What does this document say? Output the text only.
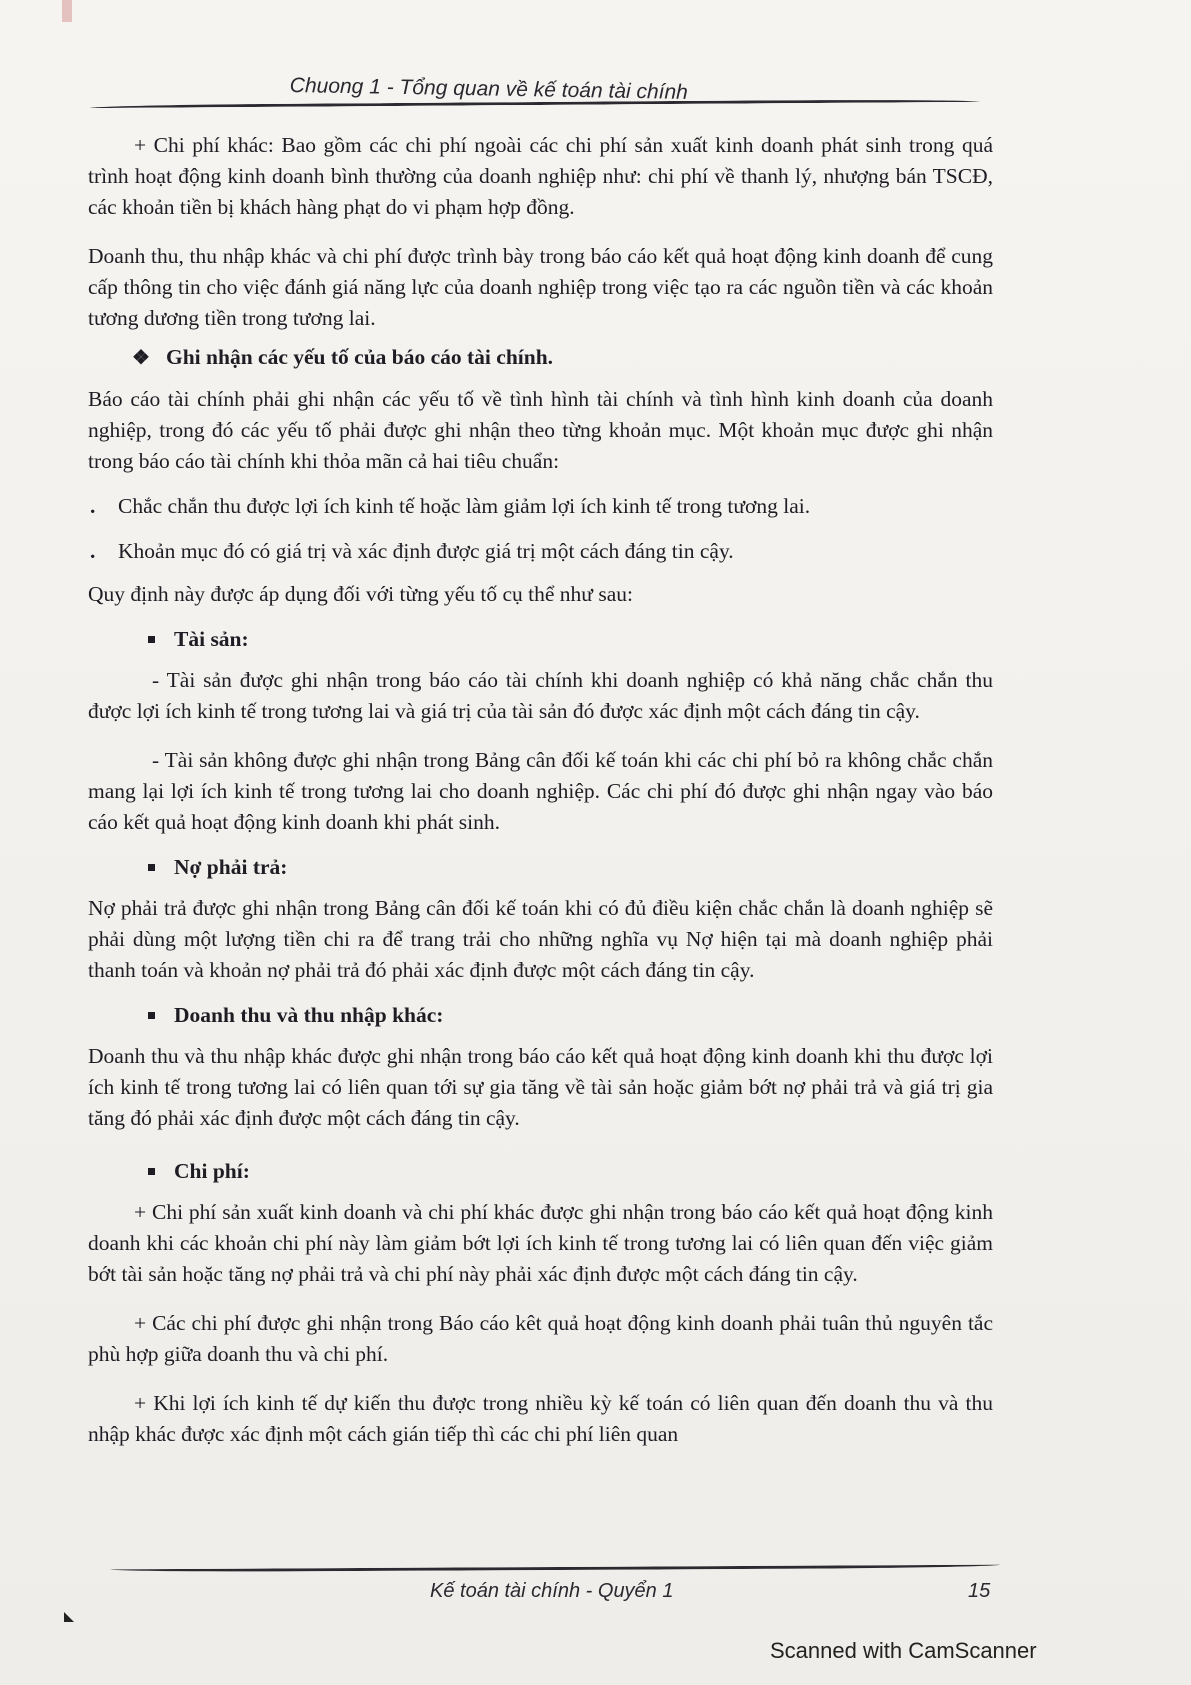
Chuong 1 - Tổng quan về kế toán tài chính

+ Chi phí khác: Bao gồm các chi phí ngoài các chi phí sản xuất kinh doanh phát sinh trong quá trình hoạt động kinh doanh bình thường của doanh nghiệp như: chi phí về thanh lý, nhượng bán TSCĐ, các khoản tiền bị khách hàng phạt do vi phạm hợp đồng.

Doanh thu, thu nhập khác và chi phí được trình bày trong báo cáo kết quả hoạt động kinh doanh để cung cấp thông tin cho việc đánh giá năng lực của doanh nghiệp trong việc tạo ra các nguồn tiền và các khoản tương dương tiền trong tương lai.

❖ Ghi nhận các yếu tố của báo cáo tài chính.

Báo cáo tài chính phải ghi nhận các yếu tố về tình hình tài chính và tình hình kinh doanh của doanh nghiệp, trong đó các yếu tố phải được ghi nhận theo từng khoản mục. Một khoản mục được ghi nhận trong báo cáo tài chính khi thỏa mãn cả hai tiêu chuẩn:

. Chắc chắn thu được lợi ích kinh tế hoặc làm giảm lợi ích kinh tế trong tương lai.

. Khoản mục đó có giá trị và xác định được giá trị một cách đáng tin cậy.

Quy định này được áp dụng đối với từng yếu tố cụ thể như sau:

Tài sản:

- Tài sản được ghi nhận trong báo cáo tài chính khi doanh nghiệp có khả năng chắc chắn thu được lợi ích kinh tế trong tương lai và giá trị của tài sản đó được xác định một cách đáng tin cậy.

- Tài sản không được ghi nhận trong Bảng cân đối kế toán khi các chi phí bỏ ra không chắc chắn mang lại lợi ích kinh tế trong tương lai cho doanh nghiệp. Các chi phí đó được ghi nhận ngay vào báo cáo kết quả hoạt động kinh doanh khi phát sinh.

Nợ phải trả:

Nợ phải trả được ghi nhận trong Bảng cân đối kế toán khi có đủ điều kiện chắc chắn là doanh nghiệp sẽ phải dùng một lượng tiền chi ra để trang trải cho những nghĩa vụ Nợ hiện tại mà doanh nghiệp phải thanh toán và khoản nợ phải trả đó phải xác định được một cách đáng tin cậy.

Doanh thu và thu nhập khác:

Doanh thu và thu nhập khác được ghi nhận trong báo cáo kết quả hoạt động kinh doanh khi thu được lợi ích kinh tế trong tương lai có liên quan tới sự gia tăng về tài sản hoặc giảm bớt nợ phải trả và giá trị gia tăng đó phải xác định được một cách đáng tin cậy.

Chi phí:

+ Chi phí sản xuất kinh doanh và chi phí khác được ghi nhận trong báo cáo kết quả hoạt động kinh doanh khi các khoản chi phí này làm giảm bớt lợi ích kinh tế trong tương lai có liên quan đến việc giảm bớt tài sản hoặc tăng nợ phải trả và chi phí này phải xác định được một cách đáng tin cậy.

+ Các chi phí được ghi nhận trong Báo cáo kêt quả hoạt động kinh doanh phải tuân thủ nguyên tắc phù hợp giữa doanh thu và chi phí.

+ Khi lợi ích kinh tế dự kiến thu được trong nhiều kỳ kế toán có liên quan đến doanh thu và thu nhập khác được xác định một cách gián tiếp thì các chi phí liên quan

Kế toán tài chính - Quyển 1	15
Scanned with CamScanner
